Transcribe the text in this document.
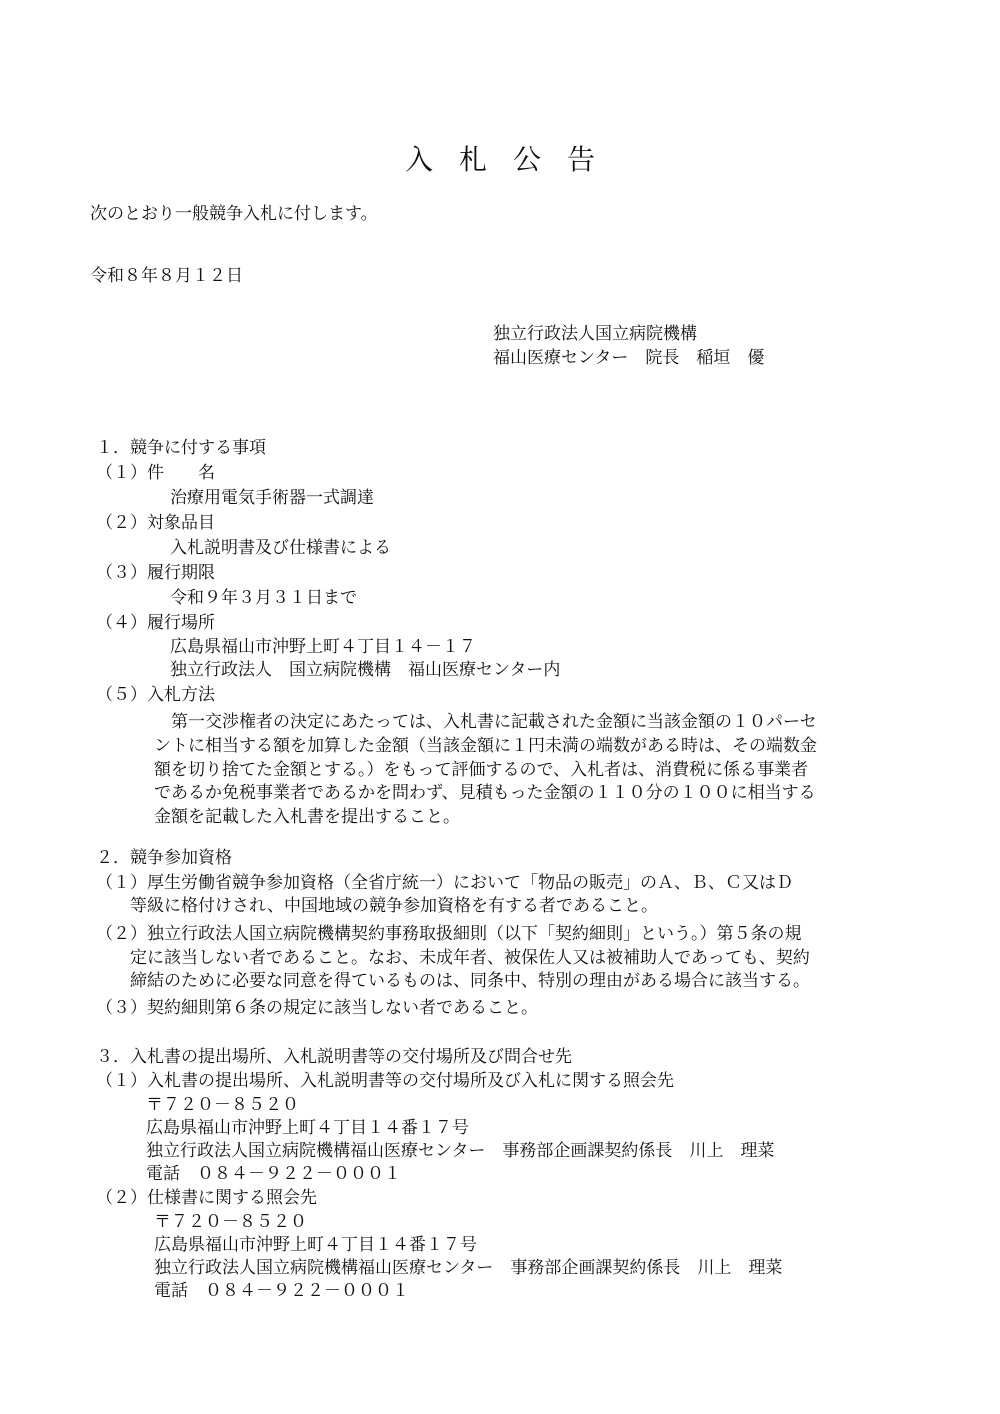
入札公告
次のとおり一般競争入札に付します。
令和８年８月１２日
独立行政法人国立病院機構
福山医療センター　院長　稲垣　優
１．競争に付する事項
（１）件　　名
治療用電気手術器一式調達
（２）対象品目
入札説明書及び仕様書による
（３）履行期限
令和９年３月３１日まで
（４）履行場所
広島県福山市沖野上町４丁目１４－１７
独立行政法人　国立病院機構　福山医療センター内
（５）入札方法
　第一交渉権者の決定にあたっては、入札書に記載された金額に当該金額の１０パーセ
ントに相当する額を加算した金額（当該金額に１円未満の端数がある時は、その端数金
額を切り捨てた金額とする。）をもって評価するので、入札者は、消費税に係る事業者
であるか免税事業者であるかを問わず、見積もった金額の１１０分の１００に相当する
金額を記載した入札書を提出すること。
２．競争参加資格
（１）厚生労働省競争参加資格（全省庁統一）において「物品の販売」のＡ、Ｂ、Ｃ又はＤ
　　等級に格付けされ、中国地域の競争参加資格を有する者であること。
（２）独立行政法人国立病院機構契約事務取扱細則（以下「契約細則」という。）第５条の規
　　定に該当しない者であること。なお、未成年者、被保佐人又は被補助人であっても、契約
　　締結のために必要な同意を得ているものは、同条中、特別の理由がある場合に該当する。
（３）契約細則第６条の規定に該当しない者であること。
３．入札書の提出場所、入札説明書等の交付場所及び問合せ先
（１）入札書の提出場所、入札説明書等の交付場所及び入札に関する照会先
〒７２０－８５２０
広島県福山市沖野上町４丁目１４番１７号
独立行政法人国立病院機構福山医療センター　事務部企画課契約係長　川上　理菜
電話　０８４－９２２－０００１
（２）仕様書に関する照会先
〒７２０－８５２０
広島県福山市沖野上町４丁目１４番１７号
独立行政法人国立病院機構福山医療センター　事務部企画課契約係長　川上　理菜
電話　０８４－９２２－０００１
